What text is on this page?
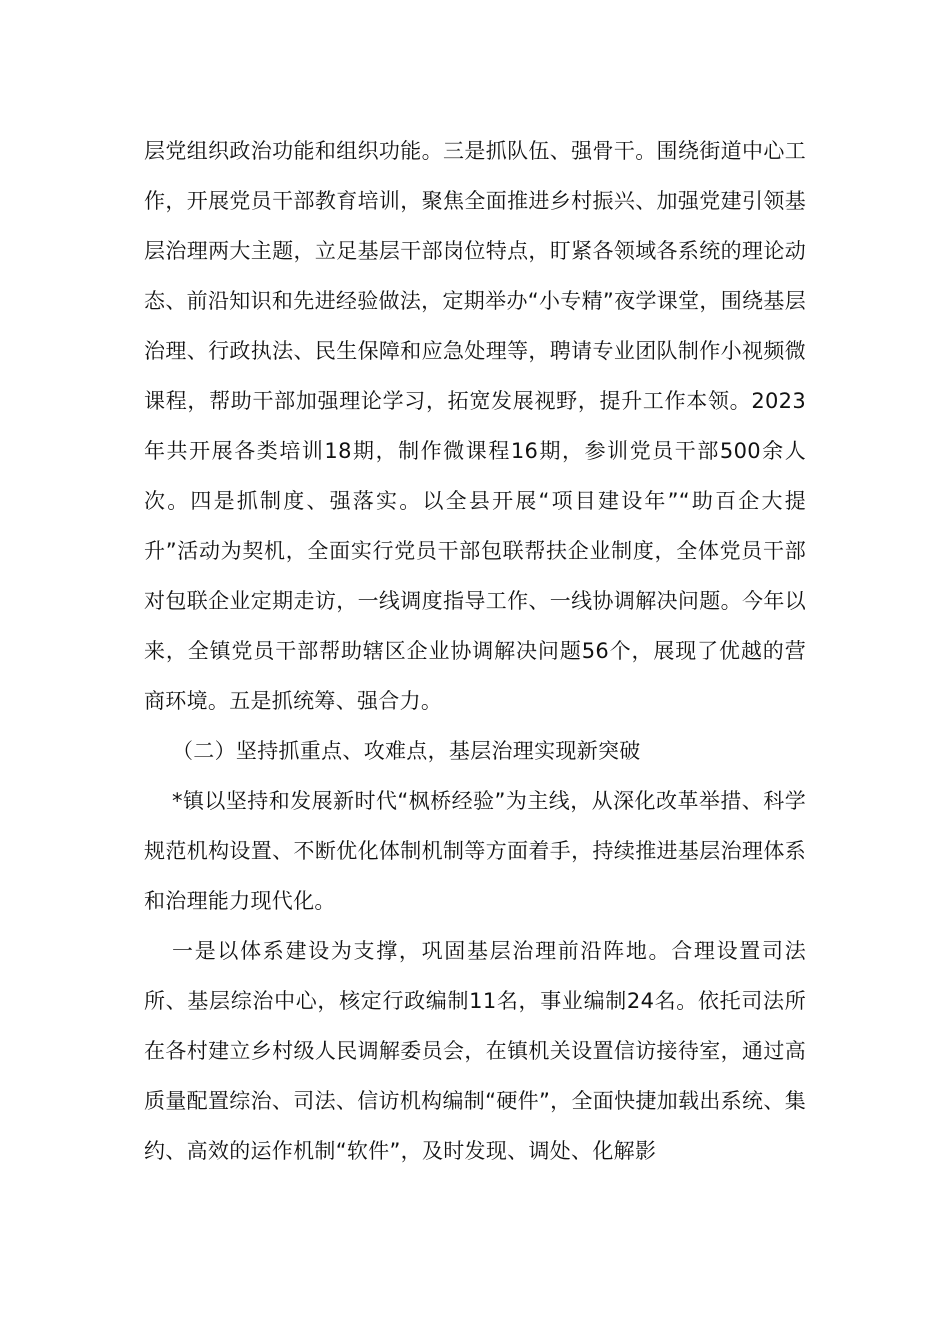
层党组织政治功能和组织功能。三是抓队伍、强骨干。围绕街道中心工作，开展党员干部教育培训，聚焦全面推进乡村振兴、加强党建引领基层治理两大主题，立足基层干部岗位特点，盯紧各领域各系统的理论动态、前沿知识和先进经验做法，定期举办“小专精”夜学课堂，围绕基层治理、行政执法、民生保障和应急处理等，聘请专业团队制作小视频微课程，帮助干部加强理论学习，拓宽发展视野，提升工作本领。2023年共开展各类培训18期，制作微课程16期，参训党员干部500余人次。四是抓制度、强落实。以全县开展“项目建设年”“助百企大提升”活动为契机，全面实行党员干部包联帮扶企业制度，全体党员干部对包联企业定期走访，一线调度指导工作、一线协调解决问题。今年以来，全镇党员干部帮助辖区企业协调解决问题56个，展现了优越的营商环境。五是抓统筹、强合力。

（二）坚持抓重点、攻难点，基层治理实现新突破

*镇以坚持和发展新时代“枫桥经验”为主线，从深化改革举措、科学规范机构设置、不断优化体制机制等方面着手，持续推进基层治理体系和治理能力现代化。

一是以体系建设为支撑，巩固基层治理前沿阵地。合理设置司法所、基层综治中心，核定行政编制11名，事业编制24名。依托司法所在各村建立乡村级人民调解委员会，在镇机关设置信访接待室，通过高质量配置综治、司法、信访机构编制“硬件”，全面快捷加载出系统、集约、高效的运作机制“软件”，及时发现、调处、化解影
